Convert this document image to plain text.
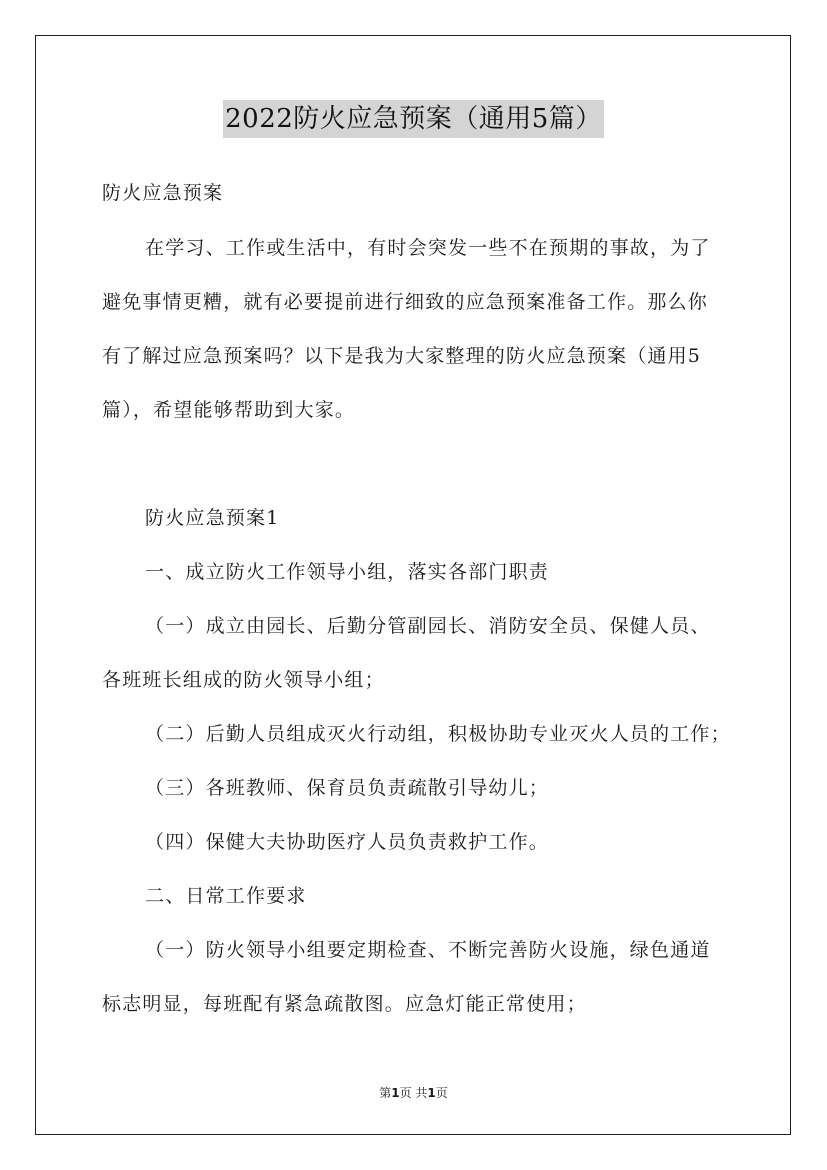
2022防火应急预案（通用5篇）
防火应急预案
在学习、工作或生活中，有时会突发一些不在预期的事故，为了
避免事情更糟，就有必要提前进行细致的应急预案准备工作。那么你
有了解过应急预案吗？以下是我为大家整理的防火应急预案（通用5
篇），希望能够帮助到大家。
防火应急预案1
一、成立防火工作领导小组，落实各部门职责
（一）成立由园长、后勤分管副园长、消防安全员、保健人员、
各班班长组成的防火领导小组；
（二）后勤人员组成灭火行动组，积极协助专业灭火人员的工作；
（三）各班教师、保育员负责疏散引导幼儿；
（四）保健大夫协助医疗人员负责救护工作。
二、日常工作要求
（一）防火领导小组要定期检查、不断完善防火设施，绿色通道
标志明显，每班配有紧急疏散图。应急灯能正常使用；
第1页 共1页
